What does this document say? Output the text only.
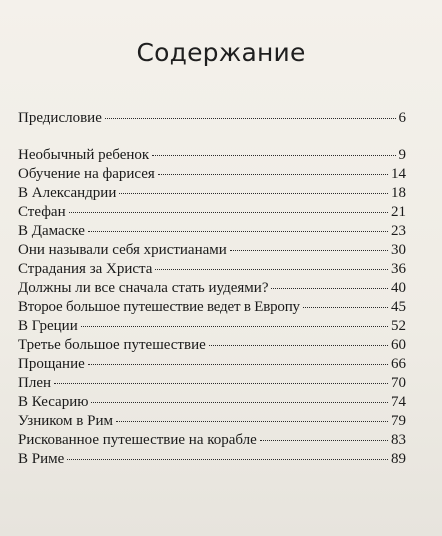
Содержание
Предисловие	6
Необычный ребенок	9
Обучение на фарисея	14
В Александрии	18
Стефан	21
В Дамаске	23
Они называли себя христианами	30
Страдания за Христа	36
Должны ли все сначала стать иудеями?	40
Второе большое путешествие ведет в Европу	45
В Греции	52
Третье большое путешествие	60
Прощание	66
Плен	70
В Кесарию	74
Узником в Рим	79
Рискованное путешествие на корабле	83
В Риме	89
